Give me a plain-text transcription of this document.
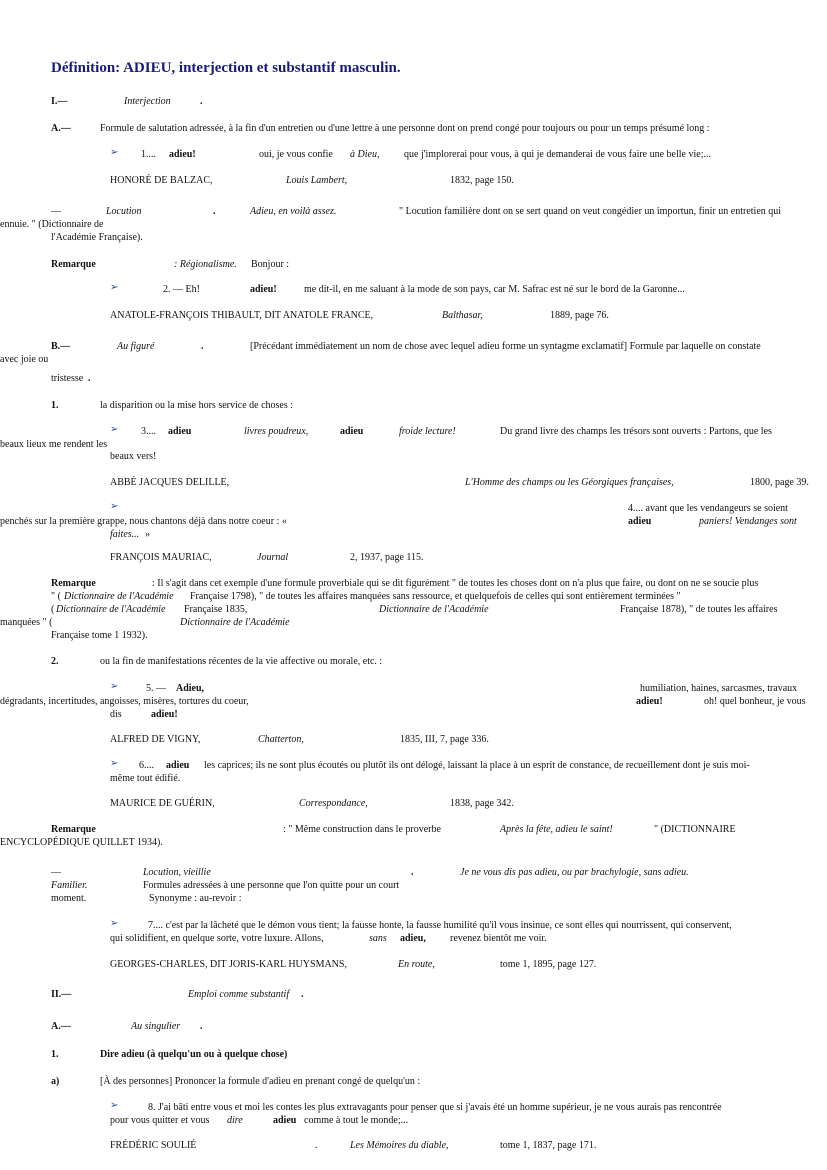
Définition: ADIEU, interjection et substantif masculin.
I.—	Interjection	.
A.—	Formule de salutation adressée, à la fin d'un entretien ou d'une lettre à une personne dont on prend congé pour toujours ou pour un temps présumé long :
➢ 1.... adieu!	oui, je vous confie à Dieu, que j'implorerai pour vous, à qui je demanderai de vous faire une belle vie;...
HONORÉ DE BALZAC,	Louis Lambert,	1832, page 150.
—	Locution	.	Adieu, en voilà assez.	" Locution familière dont on se sert quand on veut congédier un importun, finir un entretien qui
ennuie. " (Dictionnaire de
l'Académie Française).
Remarque	: Régionalisme. Bonjour :
➢	2. — Eh!	adieu!	me dit-il, en me saluant à la mode de son pays, car M. Safrac est né sur le bord de la Garonne...
ANATOLE-FRANÇOIS THIBAULT, DIT ANATOLE FRANCE,	Balthasar,	1889, page 76.
B.—	Au figuré	.	[Précédant immédiatement un nom de chose avec lequel adieu forme un syntagme exclamatif] Formule par laquelle on constate
avec joie ou
tristesse .
1.	la disparition ou la mise hors service de choses :
➢ 3.... adieu	livres poudreux,	adieu	froide lecture!	Du grand livre des champs les trésors sont ouverts : Partons, que les
beaux lieux me rendent les
beaux vers!
ABBÉ JACQUES DELILLE,	L'Homme des champs ou les Géorgiques françaises,	1800, page 39.
➢	4.... avant que les vendangeurs se soient
penchés sur la première grappe, nous chantons déjà dans notre coeur : «	adieu	paniers! Vendanges sont
faites... »
FRANÇOIS MAURIAC,	Journal	2, 1937, page 115.
Remarque	: Il s'agit dans cet exemple d'une formule proverbiale qui se dit figurément " de toutes les choses dont on n'a plus que faire, ou dont on ne se soucie plus
" ( Dictionnaire de l'Académie Française 1798), " de toutes les affaires manquées sans ressource, et quelquefois de celles qui sont entièrement terminées "
( Dictionnaire de l'Académie Française 1835,	Dictionnaire de l'Académie	Française 1878), " de toutes les affaires
manquées " (	Dictionnaire de l'Académie
Française tome 1 1932).
2.	ou la fin de manifestations récentes de la vie affective ou morale, etc. :
➢	5. — Adieu,	humiliation, haines, sarcasmes, travaux
dégradants, incertitudes, angoisses, misères, tortures du coeur,	adieu!	oh! quel bonheur, je vous
dis	adieu!
ALFRED DE VIGNY,	Chatterton,	1835, III, 7, page 336.
➢ 6.... adieu les caprices; ils ne sont plus écoutés ou plutôt ils ont délogé, laissant la place à un esprit de constance, de recueillement dont je suis moi-
même tout édifié.
MAURICE DE GUÉRIN,	Correspondance,	1838, page 342.
Remarque	: " Même construction dans le proverbe	Après la fête, adieu le saint!	" (DICTIONNAIRE
ENCYCLOPÉDIQUE QUILLET 1934).
—	Locution, vieillie	.	Je ne vous dis pas adieu, ou par brachylogie, sans adieu.
Familier.	Formules adressées à une personne que l'on quitte pour un court
moment.	Synonyme : au-revoir :
➢	7.... c'est par la lâcheté que le démon vous tient; la fausse honte, la fausse humilité qu'il vous insinue, ce sont elles qui nourrissent, qui conservent,
qui solidifient, en quelque sorte, votre luxure. Allons,	sans adieu, revenez bientôt me voir.
GEORGES-CHARLES, DIT JORIS-KARL HUYSMANS,	En route,	tome 1, 1895, page 127.
II.—	Emploi comme substantif .
A.—	Au singulier .
1.	Dire adieu (à quelqu'un ou à quelque chose)
a)	[À des personnes] Prononcer la formule d'adieu en prenant congé de quelqu'un :
➢	8. J'ai bâti entre vous et moi les contes les plus extravagants pour penser que si j'avais été un homme supérieur, je ne vous aurais pas rencontrée
pour vous quitter et vous dire	adieu comme à tout le monde;...
FRÉDÉRIC SOULIÉ	.	Les Mémoires du diable,	tome 1, 1837, page 171.
